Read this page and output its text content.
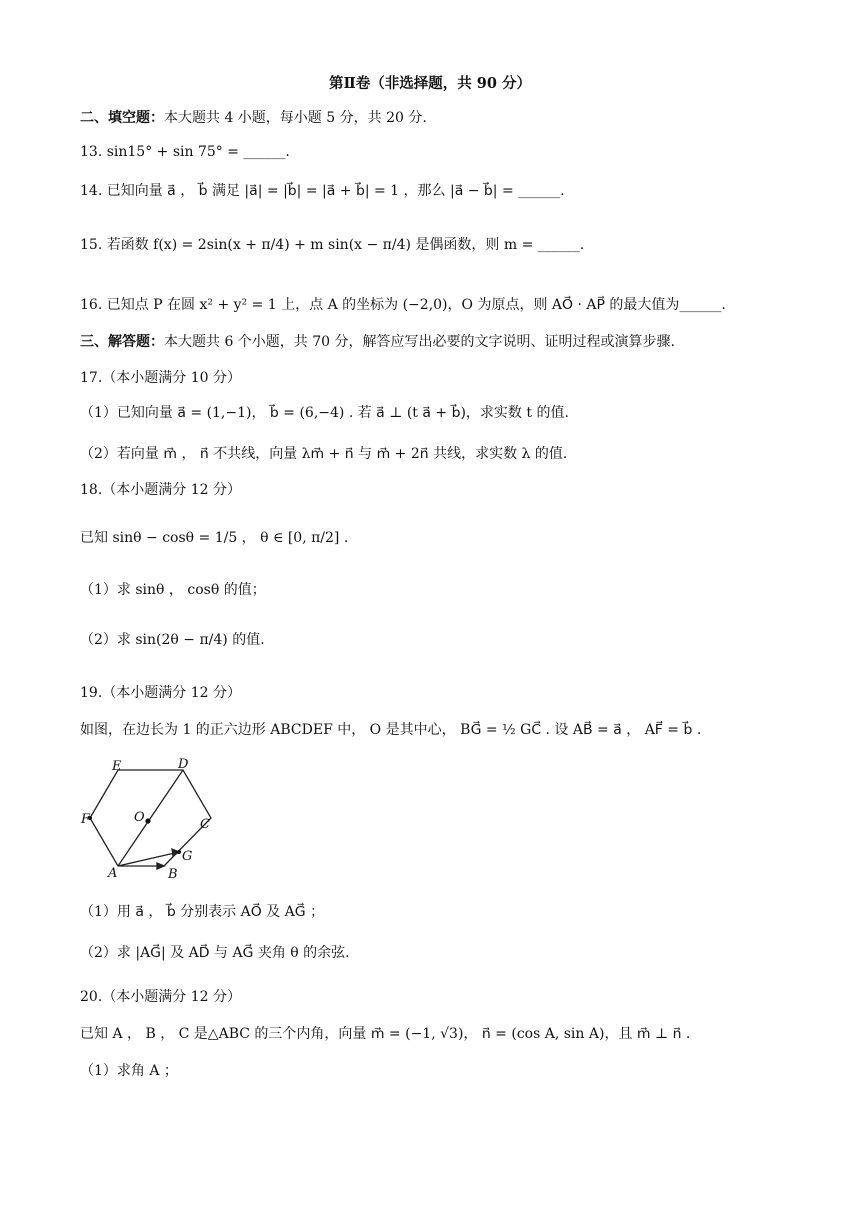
第Ⅱ卷（非选择题，共 90 分）
二、填空题：本大题共 4 小题，每小题 5 分，共 20 分.
13. sin15° + sin 75° = ______.
14. 已知向量 a⃗ ， b⃗ 满足 |a⃗| = |b⃗| = |a⃗ + b⃗| = 1 ，那么 |a⃗ − b⃗| = ______.
15. 若函数 f(x) = 2sin(x + π/4) + m sin(x − π/4) 是偶函数，则 m = ______.
16. 已知点 P 在圆 x² + y² = 1 上，点 A 的坐标为 (−2,0)，O 为原点，则 AO⃗ · AP⃗ 的最大值为______.
三、解答题：本大题共 6 个小题，共 70 分，解答应写出必要的文字说明、证明过程或演算步骤.
17.（本小题满分 10 分）
（1）已知向量 a⃗ = (1,−1)， b⃗ = (6,−4) . 若 a⃗ ⊥ (t a⃗ + b⃗)，求实数 t 的值.
（2）若向量 m⃗ ， n⃗ 不共线，向量 λm⃗ + n⃗ 与 m⃗ + 2n⃗ 共线，求实数 λ 的值.
18.（本小题满分 12 分）
已知 sinθ − cosθ = 1/5 ， θ ∈ [0, π/2] .
（1）求 sinθ ， cosθ 的值；
（2）求 sin(2θ − π/4) 的值.
19.（本小题满分 12 分）
如图，在边长为 1 的正六边形 ABCDEF 中， O 是其中心， BG⃗ = ½ GC⃗ . 设 AB⃗ = a⃗ ， AF⃗ = b⃗ .
E	D
F	O	C
G
A	B
（1）用 a⃗ ， b⃗ 分别表示 AO⃗ 及 AG⃗ ；
（2）求 |AG⃗| 及 AD⃗ 与 AG⃗ 夹角 θ 的余弦.
20.（本小题满分 12 分）
已知 A ， B ， C 是△ABC 的三个内角，向量 m⃗ = (−1, √3)， n⃗ = (cos A, sin A)，且 m⃗ ⊥ n⃗ .
（1）求角 A ；
